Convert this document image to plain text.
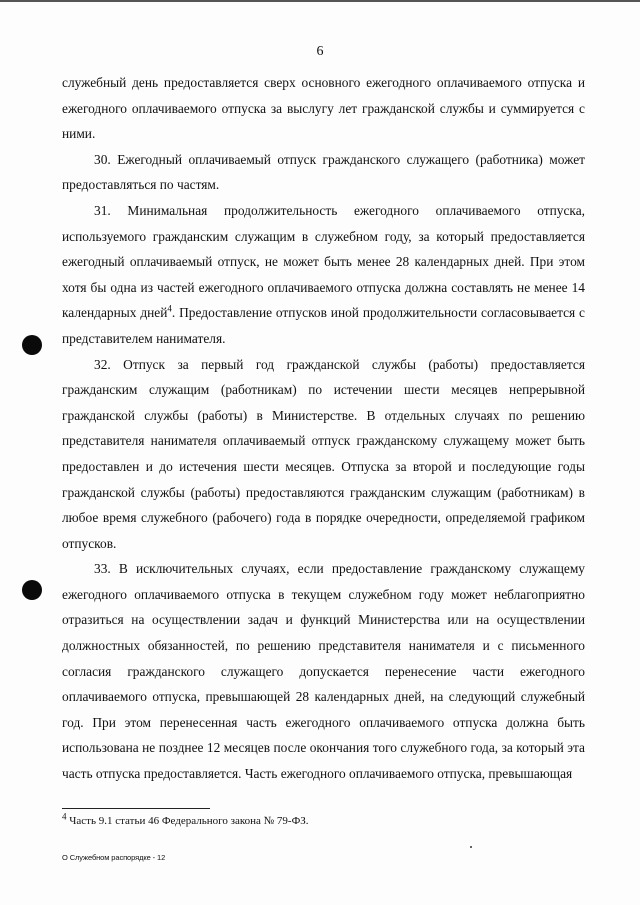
6

служебный день предоставляется сверх основного ежегодного оплачиваемого отпуска и ежегодного оплачиваемого отпуска за выслугу лет гражданской службы и суммируется с ними.

30. Ежегодный оплачиваемый отпуск гражданского служащего (работника) может предоставляться по частям.

31. Минимальная продолжительность ежегодного оплачиваемого отпуска, используемого гражданским служащим в служебном году, за который предоставляется ежегодный оплачиваемый отпуск, не может быть менее 28 календарных дней. При этом хотя бы одна из частей ежегодного оплачиваемого отпуска должна составлять не менее 14 календарных дней$^4$. Предоставление отпусков иной продолжительности согласовывается с представителем нанимателя.

32. Отпуск за первый год гражданской службы (работы) предоставляется гражданским служащим (работникам) по истечении шести месяцев непрерывной гражданской службы (работы) в Министерстве. В отдельных случаях по решению представителя нанимателя оплачиваемый отпуск гражданскому служащему может быть предоставлен и до истечения шести месяцев. Отпуска за второй и последующие годы гражданской службы (работы) предоставляются гражданским служащим (работникам) в любое время служебного (рабочего) года в порядке очередности, определяемой графиком отпусков.

33. В исключительных случаях, если предоставление гражданскому служащему ежегодного оплачиваемого отпуска в текущем служебном году может неблагоприятно отразиться на осуществлении задач и функций Министерства или на осуществлении должностных обязанностей, по решению представителя нанимателя и с письменного согласия гражданского служащего допускается перенесение части ежегодного оплачиваемого отпуска, превышающей 28 календарных дней, на следующий служебный год. При этом перенесенная часть ежегодного оплачиваемого отпуска должна быть использована не позднее 12 месяцев после окончания того служебного года, за который эта часть отпуска предоставляется. Часть ежегодного оплачиваемого отпуска, превышающая

$^4$ Часть 9.1 статьи 46 Федерального закона № 79-ФЗ.
О Служебном распорядке - 12
